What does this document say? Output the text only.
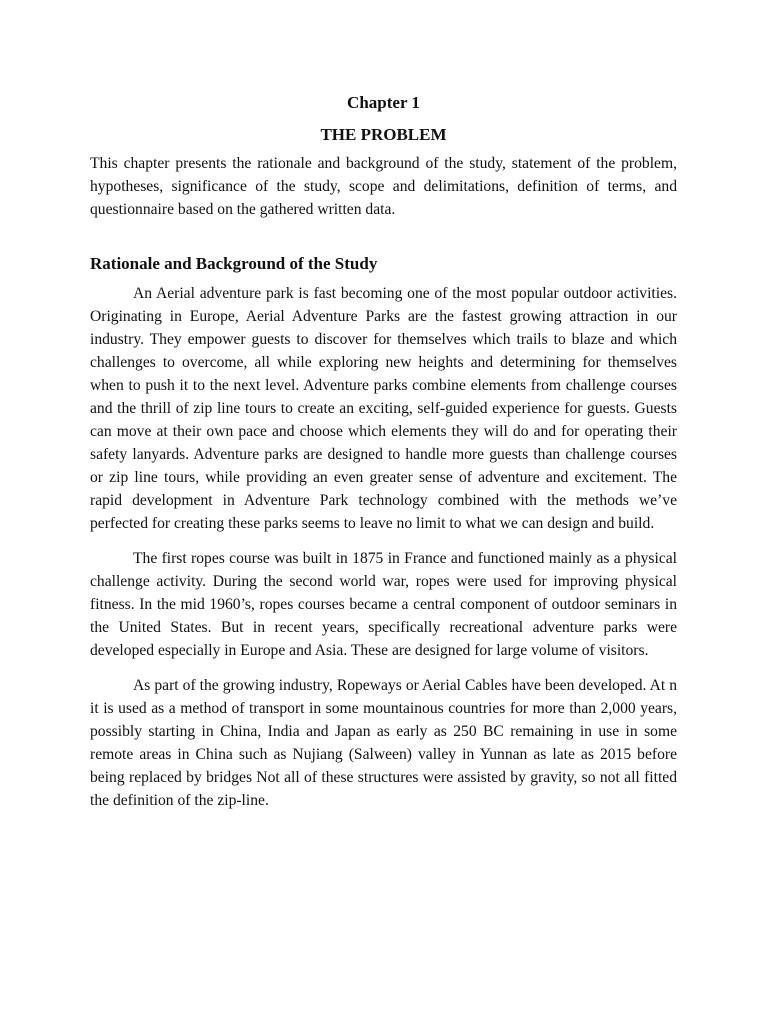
Chapter 1
THE PROBLEM

This chapter presents the rationale and background of the study, statement of the problem, hypotheses, significance of the study, scope and delimitations, definition of terms, and questionnaire based on the gathered written data.

Rationale and Background of the Study

An Aerial adventure park is fast becoming one of the most popular outdoor activities. Originating in Europe, Aerial Adventure Parks are the fastest growing attraction in our industry. They empower guests to discover for themselves which trails to blaze and which challenges to overcome, all while exploring new heights and determining for themselves when to push it to the next level. Adventure parks combine elements from challenge courses and the thrill of zip line tours to create an exciting, self-guided experience for guests. Guests can move at their own pace and choose which elements they will do and for operating their safety lanyards. Adventure parks are designed to handle more guests than challenge courses or zip line tours, while providing an even greater sense of adventure and excitement. The rapid development in Adventure Park technology combined with the methods we’ve perfected for creating these parks seems to leave no limit to what we can design and build.

The first ropes course was built in 1875 in France and functioned mainly as a physical challenge activity. During the second world war, ropes were used for improving physical fitness. In the mid 1960’s, ropes courses became a central component of outdoor seminars in the United States. But in recent years, specifically recreational adventure parks were developed especially in Europe and Asia. These are designed for large volume of visitors.

As part of the growing industry, Ropeways or Aerial Cables have been developed. At n it is used as a method of transport in some mountainous countries for more than 2,000 years, possibly starting in China, India and Japan as early as 250 BC remaining in use in some remote areas in China such as Nujiang (Salween) valley in Yunnan as late as 2015 before being replaced by bridges Not all of these structures were assisted by gravity, so not all fitted the definition of the zip-line.
